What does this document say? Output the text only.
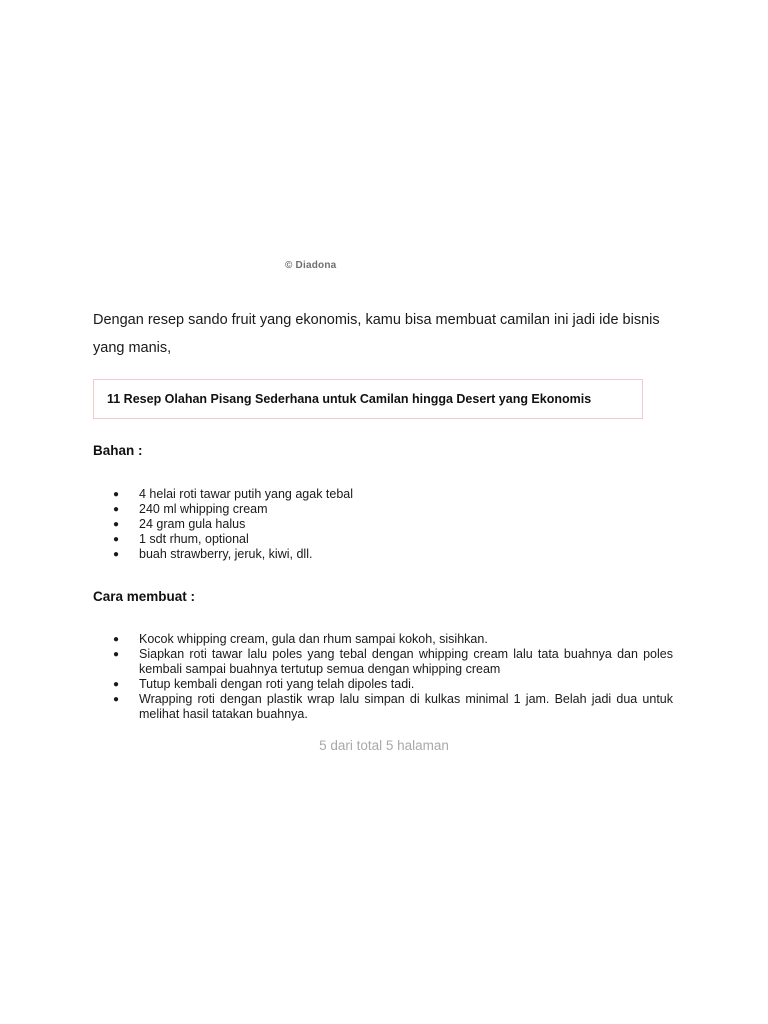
© Diadona
Dengan resep sando fruit yang ekonomis, kamu bisa membuat camilan ini jadi ide bisnis yang manis,
11 Resep Olahan Pisang Sederhana untuk Camilan hingga Desert yang Ekonomis
Bahan :
● 4 helai roti tawar putih yang agak tebal
● 240 ml whipping cream
● 24 gram gula halus
● 1 sdt rhum, optional
● buah strawberry, jeruk, kiwi, dll.
Cara membuat :
● Kocok whipping cream, gula dan rhum sampai kokoh, sisihkan.
● Siapkan roti tawar lalu poles yang tebal dengan whipping cream lalu tata buahnya dan poles kembali sampai buahnya tertutup semua dengan whipping cream
● Tutup kembali dengan roti yang telah dipoles tadi.
● Wrapping roti dengan plastik wrap lalu simpan di kulkas minimal 1 jam. Belah jadi dua untuk melihat hasil tatakan buahnya.
5 dari total 5 halaman
